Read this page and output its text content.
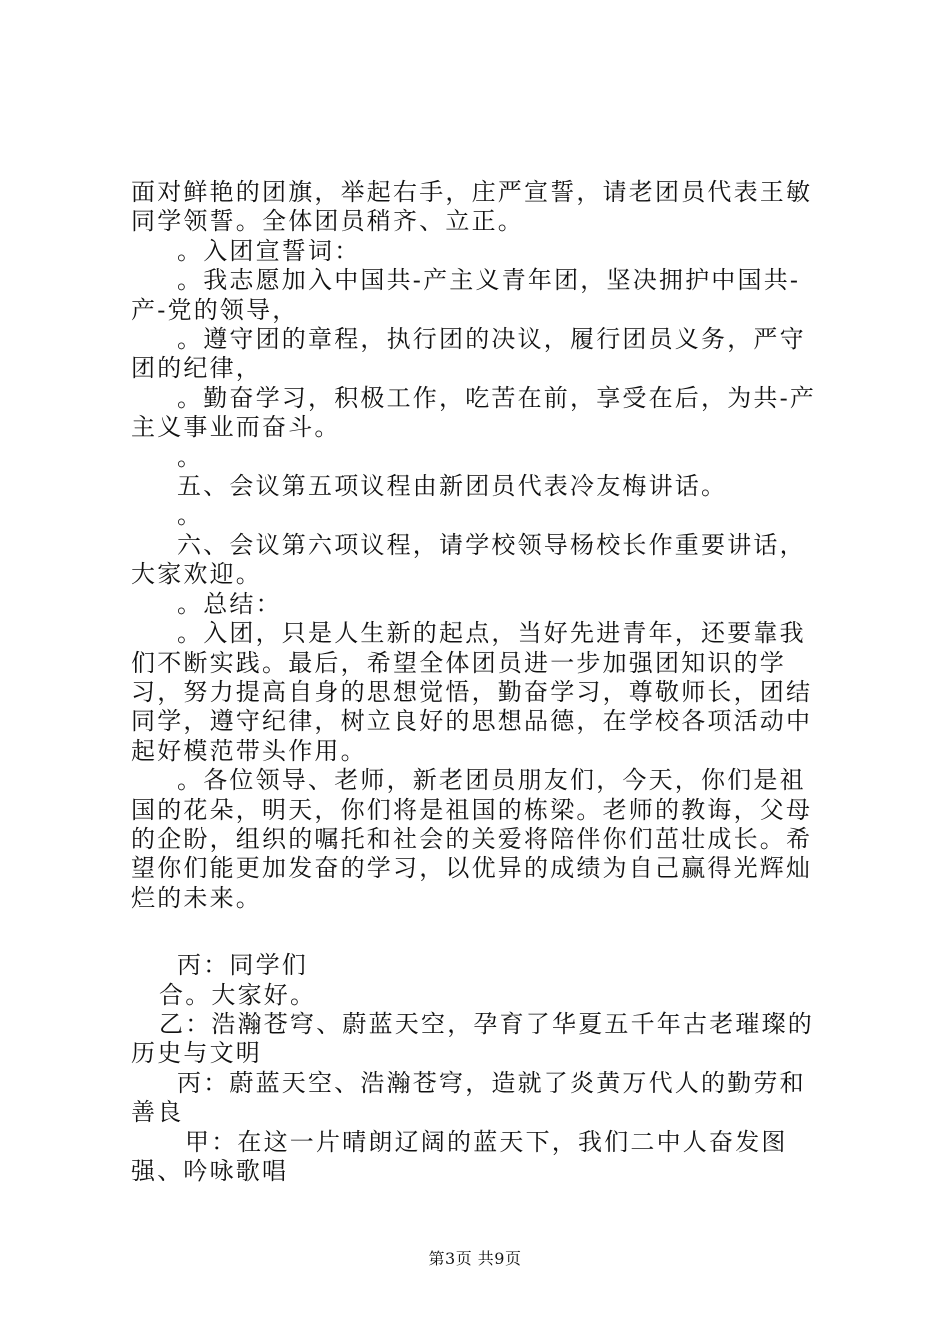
面对鲜艳的团旗，举起右手，庄严宣誓，请老团员代表王敏同学领誓。全体团员稍齐、立正。

。入团宣誓词：

。我志愿加入中国共-产主义青年团，坚决拥护中国共-产-党的领导，

。遵守团的章程，执行团的决议，履行团员义务，严守团的纪律，

。勤奋学习，积极工作，吃苦在前，享受在后，为共-产主义事业而奋斗。

。

五、会议第五项议程由新团员代表冷友梅讲话。

。

六、会议第六项议程，请学校领导杨校长作重要讲话，大家欢迎。

。总结：

。入团，只是人生新的起点，当好先进青年，还要靠我们不断实践。最后，希望全体团员进一步加强团知识的学习，努力提高自身的思想觉悟，勤奋学习，尊敬师长，团结同学，遵守纪律，树立良好的思想品德，在学校各项活动中起好模范带头作用。

。各位领导、老师，新老团员朋友们，今天，你们是祖国的花朵，明天，你们将是祖国的栋梁。老师的教诲，父母的企盼，组织的嘱托和社会的关爱将陪伴你们茁壮成长。希望你们能更加发奋的学习，以优异的成绩为自己赢得光辉灿烂的未来。

丙：同学们

合。大家好。

乙：浩瀚苍穹、蔚蓝天空，孕育了华夏五千年古老璀璨的历史与文明

丙：蔚蓝天空、浩瀚苍穹，造就了炎黄万代人的勤劳和善良

甲：在这一片晴朗辽阔的蓝天下，我们二中人奋发图强、吟咏歌唱

第3页 共9页
